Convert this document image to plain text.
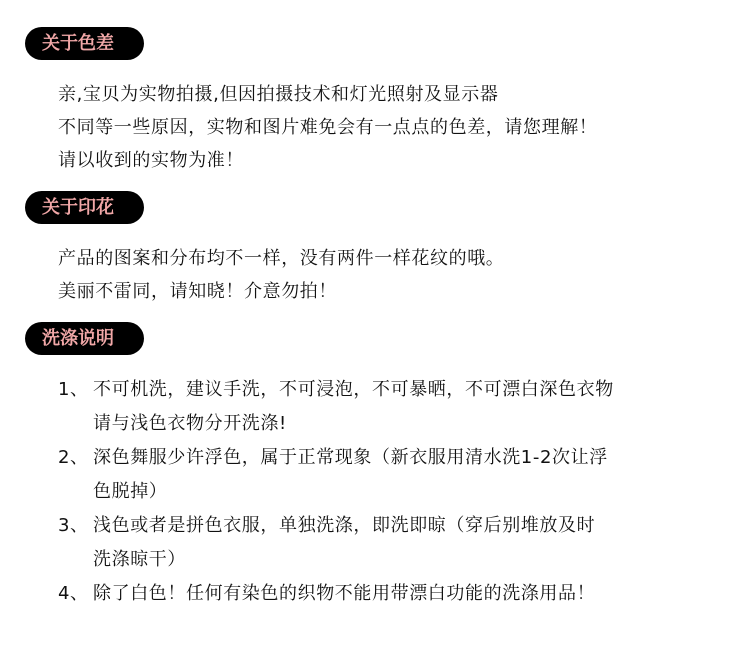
关于色差
亲,宝贝为实物拍摄,但因拍摄技术和灯光照射及显示器
不同等一些原因，实物和图片难免会有一点点的色差，请您理解！
请以收到的实物为准！
关于印花
产品的图案和分布均不一样，没有两件一样花纹的哦。
美丽不雷同，请知晓！介意勿拍！
洗涤说明
1、 不可机洗，建议手洗，不可浸泡，不可暴晒，不可漂白深色衣物
请与浅色衣物分开洗涤!
2、 深色舞服少许浮色，属于正常现象（新衣服用清水洗1-2次让浮
色脱掉）
3、 浅色或者是拼色衣服，单独洗涤，即洗即晾（穿后别堆放及时
洗涤晾干）
4、 除了白色！任何有染色的织物不能用带漂白功能的洗涤用品！
